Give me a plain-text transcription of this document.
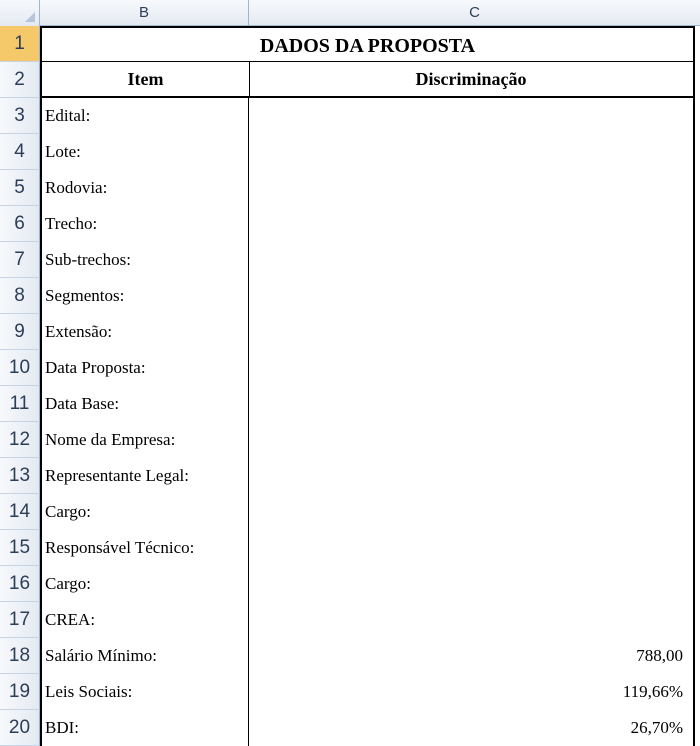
B	C
1
2
3
4
5
6
7
8
9
10
11
12
13
14
15
16
17
18
19
20
DADOS DA PROPOSTA
Item	Discriminação
Edital:
Lote:
Rodovia:
Trecho:
Sub-trechos:
Segmentos:
Extensão:
Data Proposta:
Data Base:
Nome da Empresa:
Representante Legal:
Cargo:
Responsável Técnico:
Cargo:
CREA:
Salário Mínimo:	788,00
Leis Sociais:	119,66%
BDI:	26,70%
